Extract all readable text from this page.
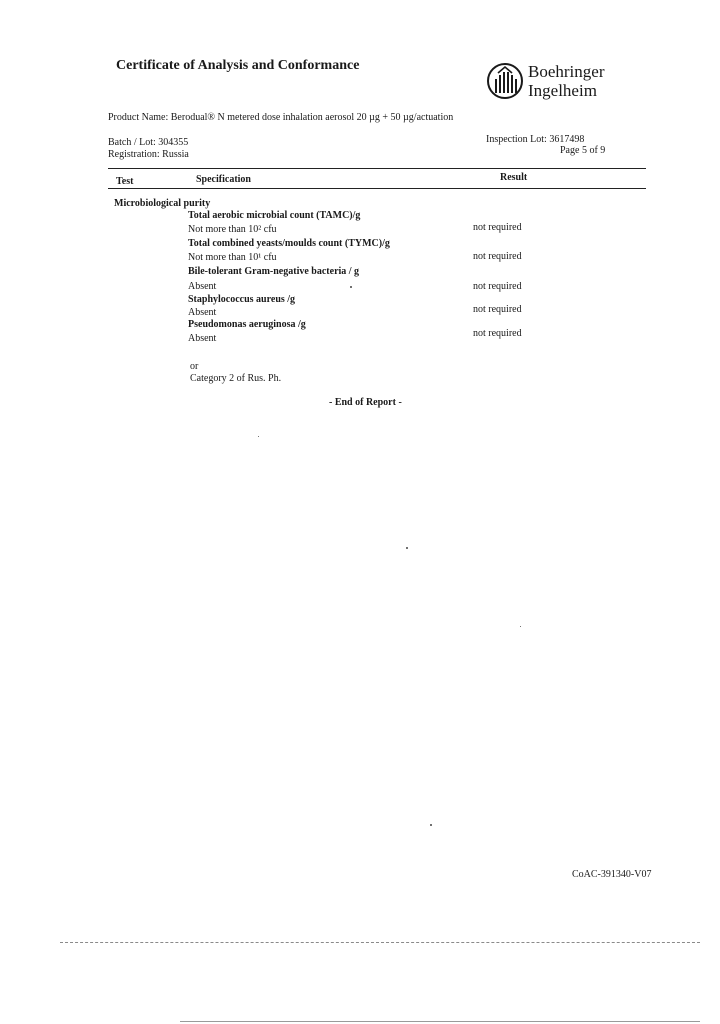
Certificate of Analysis and Conformance	Boehringer
Ingelheim
Product Name: Berodual® N metered dose inhalation aerosol 20 µg + 50 µg/actuation
Batch / Lot: 304355
Registration: Russia
Inspection Lot: 3617498
Page 5 of 9
Test	Specification	Result
Microbiological purity
Total aerobic microbial count (TAMC)/g
Not more than 10² cfu	not required
Total combined yeasts/moulds count (TYMC)/g
Not more than 10¹ cfu	not required
Bile-tolerant Gram-negative bacteria / g
Absent	not required
Staphylococcus aureus /g
Absent	not required
Pseudomonas aeruginosa /g
Absent	not required
or
Category 2 of Rus. Ph.
- End of Report -
CoAC-391340-V07
